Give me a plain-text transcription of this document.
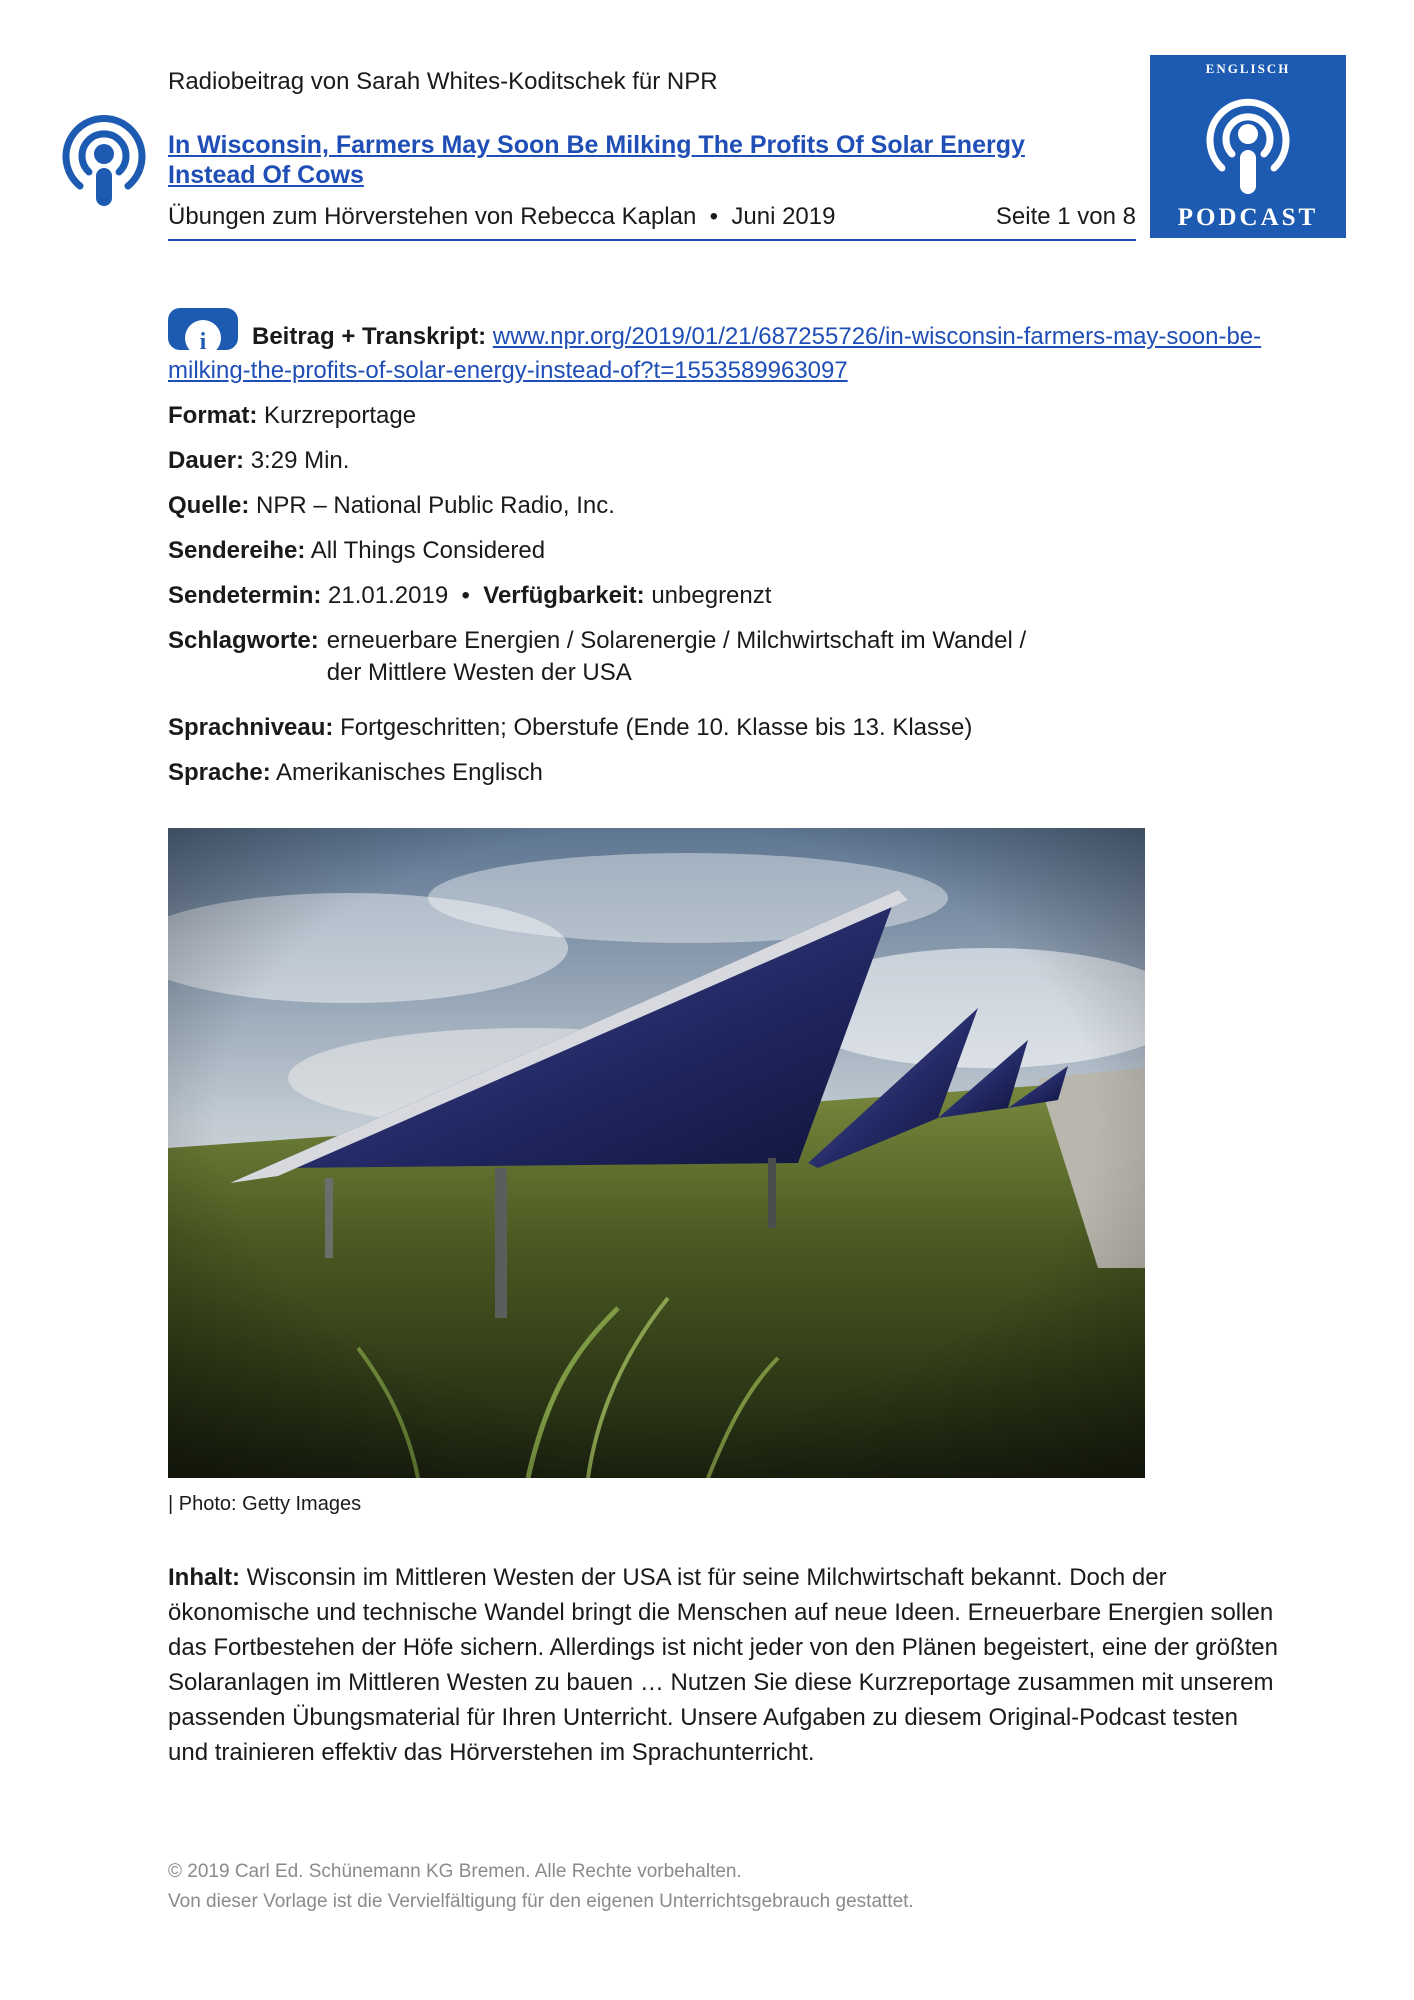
Radiobeitrag von Sarah Whites-Koditschek für NPR
In Wisconsin, Farmers May Soon Be Milking The Profits Of Solar Energy Instead Of Cows
Übungen zum Hörverstehen von Rebecca Kaplan  •  Juni 2019	Seite 1 von 8
ENGLISCH
PODCAST
i Beitrag + Transkript: www.npr.org/2019/01/21/687255726/in-wisconsin-farmers-may-soon-be-milking-the-profits-of-solar-energy-instead-of?t=1553589963097
Format: Kurzreportage
Dauer: 3:29 Min.
Quelle: NPR – National Public Radio, Inc.
Sendereihe: All Things Considered
Sendetermin: 21.01.2019  •  Verfügbarkeit: unbegrenzt
Schlagworte: erneuerbare Energien / Solarenergie / Milchwirtschaft im Wandel /
der Mittlere Westen der USA
Sprachniveau: Fortgeschritten; Oberstufe (Ende 10. Klasse bis 13. Klasse)
Sprache: Amerikanisches Englisch
| Photo: Getty Images
Inhalt: Wisconsin im Mittleren Westen der USA ist für seine Milchwirtschaft bekannt. Doch der ökonomische und technische Wandel bringt die Menschen auf neue Ideen. Erneuerbare Energien sollen das Fortbestehen der Höfe sichern. Allerdings ist nicht jeder von den Plänen begeistert, eine der größten Solaranlagen im Mittleren Westen zu bauen … Nutzen Sie diese Kurzreportage zusammen mit unserem passenden Übungsmaterial für Ihren Unterricht. Unsere Aufgaben zu diesem Original-Podcast testen und trainieren effektiv das Hörverstehen im Sprachunterricht.
© 2019 Carl Ed. Schünemann KG Bremen. Alle Rechte vorbehalten.
Von dieser Vorlage ist die Vervielfältigung für den eigenen Unterrichtsgebrauch gestattet.
